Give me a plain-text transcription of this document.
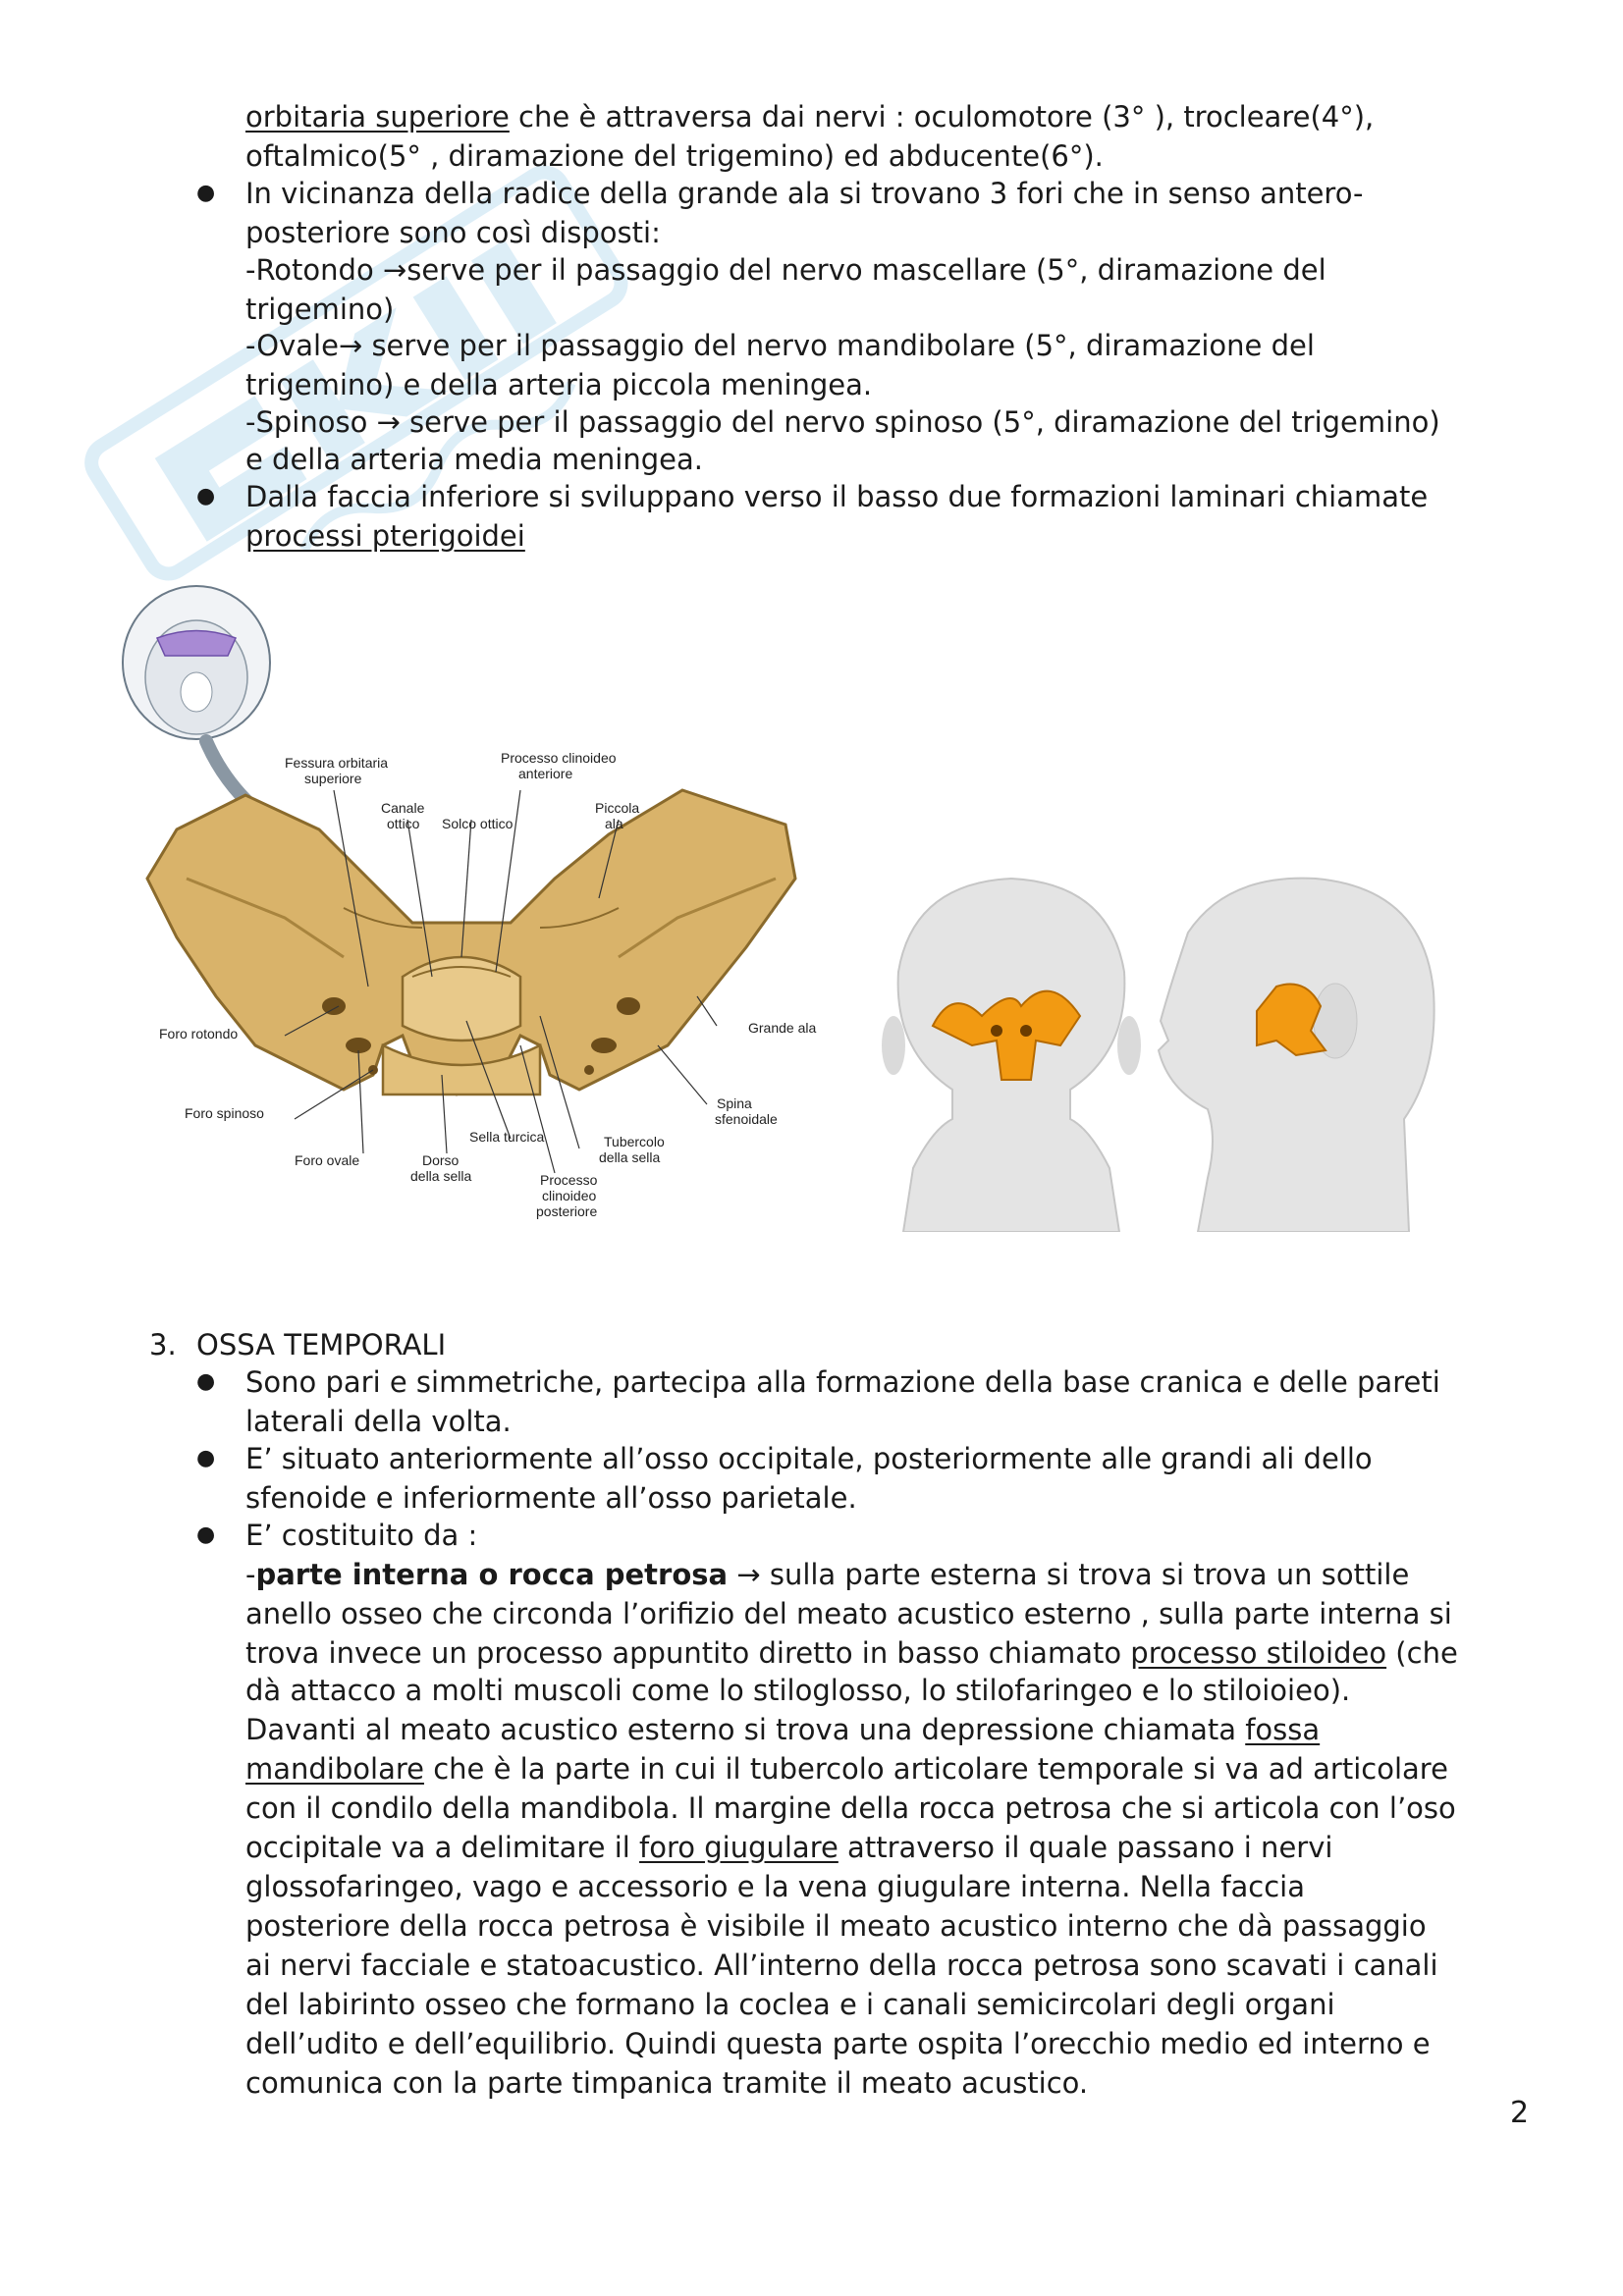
orbitaria superiore che è attraversa dai nervi : oculomotore (3° ), trocleare(4°),
oftalmico(5° , diramazione del trigemino) ed abducente(6°).
● In vicinanza della radice della grande ala si trovano 3 fori che in senso antero-
posteriore sono così disposti:
-Rotondo →serve per il passaggio del nervo mascellare (5°, diramazione del
trigemino)
-Ovale→ serve per il passaggio del nervo mandibolare (5°, diramazione del
trigemino) e della arteria piccola meningea.
-Spinoso → serve per il passaggio del nervo spinoso (5°, diramazione del trigemino)
e della arteria media meningea.
● Dalla faccia inferiore si sviluppano verso il basso due formazioni laminari chiamate
processi pterigoidei
Fessura orbitaria
superiore
Processo clinoideo
anteriore
Canale
ottico Solco ottico
Piccola
ala
Grande ala
Foro rotondo
Foro spinoso
Foro ovale
Sella turcica
Dorso
della sella
Tubercolo
della sella
Processo
clinoideo
posteriore
Spina
sfenoidale
3. OSSA TEMPORALI
● Sono pari e simmetriche, partecipa alla formazione della base cranica e delle pareti
laterali della volta.
● E’ situato anteriormente all’osso occipitale, posteriormente alle grandi ali dello
sfenoide e inferiormente all’osso parietale.
● E’ costituito da :
-parte interna o rocca petrosa → sulla parte esterna si trova si trova un sottile
anello osseo che circonda l’orifizio del meato acustico esterno , sulla parte interna si
trova invece un processo appuntito diretto in basso chiamato processo stiloideo (che
dà attacco a molti muscoli come lo stiloglosso, lo stilofaringeo e lo stiloioieo).
Davanti al meato acustico esterno si trova una depressione chiamata fossa
mandibolare che è la parte in cui il tubercolo articolare temporale si va ad articolare
con il condilo della mandibola. Il margine della rocca petrosa che si articola con l’oso
occipitale va a delimitare il foro giugulare attraverso il quale passano i nervi
glossofaringeo, vago e accessorio e la vena giugulare interna. Nella faccia
posteriore della rocca petrosa è visibile il meato acustico interno che dà passaggio
ai nervi facciale e statoacustico. All’interno della rocca petrosa sono scavati i canali
del labirinto osseo che formano la coclea e i canali semicircolari degli organi
dell’udito e dell’equilibrio. Quindi questa parte ospita l’orecchio medio ed interno e
comunica con la parte timpanica tramite il meato acustico.
2
